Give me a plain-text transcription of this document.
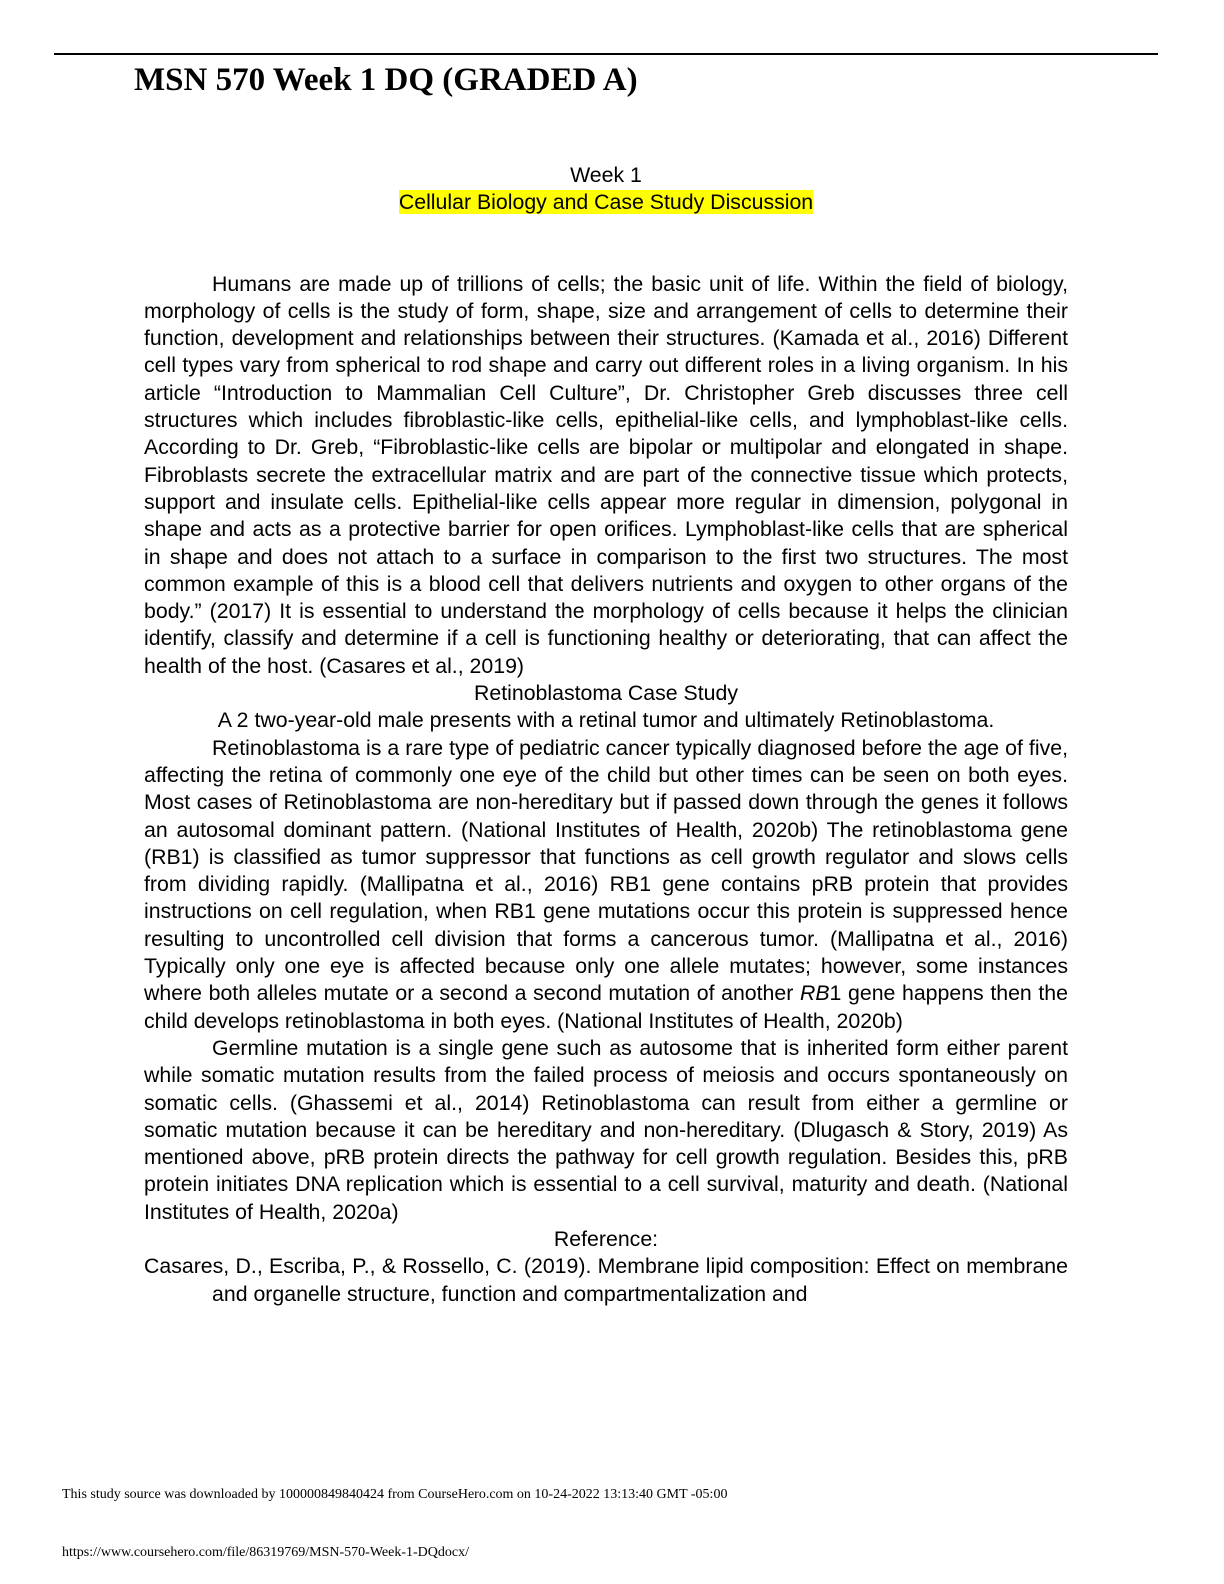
MSN 570 Week 1 DQ (GRADED A)

Week 1

Cellular Biology and Case Study Discussion

Humans are made up of trillions of cells; the basic unit of life. Within the field of biology, morphology of cells is the study of form, shape, size and arrangement of cells to determine their function, development and relationships between their structures. (Kamada et al., 2016) Different cell types vary from spherical to rod shape and carry out different roles in a living organism. In his article “Introduction to Mammalian Cell Culture”, Dr. Christopher Greb discusses three cell structures which includes fibroblastic-like cells, epithelial-like cells, and lymphoblast-like cells. According to Dr. Greb, “Fibroblastic-like cells are bipolar or multipolar and elongated in shape. Fibroblasts secrete the extracellular matrix and are part of the connective tissue which protects, support and insulate cells. Epithelial-like cells appear more regular in dimension, polygonal in shape and acts as a protective barrier for open orifices. Lymphoblast-like cells that are spherical in shape and does not attach to a surface in comparison to the first two structures. The most common example of this is a blood cell that delivers nutrients and oxygen to other organs of the body.” (2017) It is essential to understand the morphology of cells because it helps the clinician identify, classify and determine if a cell is functioning healthy or deteriorating, that can affect the health of the host. (Casares et al., 2019)

Retinoblastoma Case Study

A 2 two-year-old male presents with a retinal tumor and ultimately Retinoblastoma.

Retinoblastoma is a rare type of pediatric cancer typically diagnosed before the age of five, affecting the retina of commonly one eye of the child but other times can be seen on both eyes. Most cases of Retinoblastoma are non-hereditary but if passed down through the genes it follows an autosomal dominant pattern. (National Institutes of Health, 2020b) The retinoblastoma gene (RB1) is classified as tumor suppressor that functions as cell growth regulator and slows cells from dividing rapidly. (Mallipatna et al., 2016) RB1 gene contains pRB protein that provides instructions on cell regulation, when RB1 gene mutations occur this protein is suppressed hence resulting to uncontrolled cell division that forms a cancerous tumor. (Mallipatna et al., 2016) Typically only one eye is affected because only one allele mutates; however, some instances where both alleles mutate or a second a second mutation of another RB1 gene happens then the child develops retinoblastoma in both eyes. (National Institutes of Health, 2020b)

Germline mutation is a single gene such as autosome that is inherited form either parent while somatic mutation results from the failed process of meiosis and occurs spontaneously on somatic cells. (Ghassemi et al., 2014) Retinoblastoma can result from either a germline or somatic mutation because it can be hereditary and non-hereditary. (Dlugasch & Story, 2019) As mentioned above, pRB protein directs the pathway for cell growth regulation. Besides this, pRB protein initiates DNA replication which is essential to a cell survival, maturity and death. (National Institutes of Health, 2020a)

Reference:

Casares, D., Escriba, P., & Rossello, C. (2019). Membrane lipid composition: Effect on membrane and organelle structure, function and compartmentalization and

This study source was downloaded by 100000849840424 from CourseHero.com on 10-24-2022 13:13:40 GMT -05:00
https://www.coursehero.com/file/86319769/MSN-570-Week-1-DQdocx/
